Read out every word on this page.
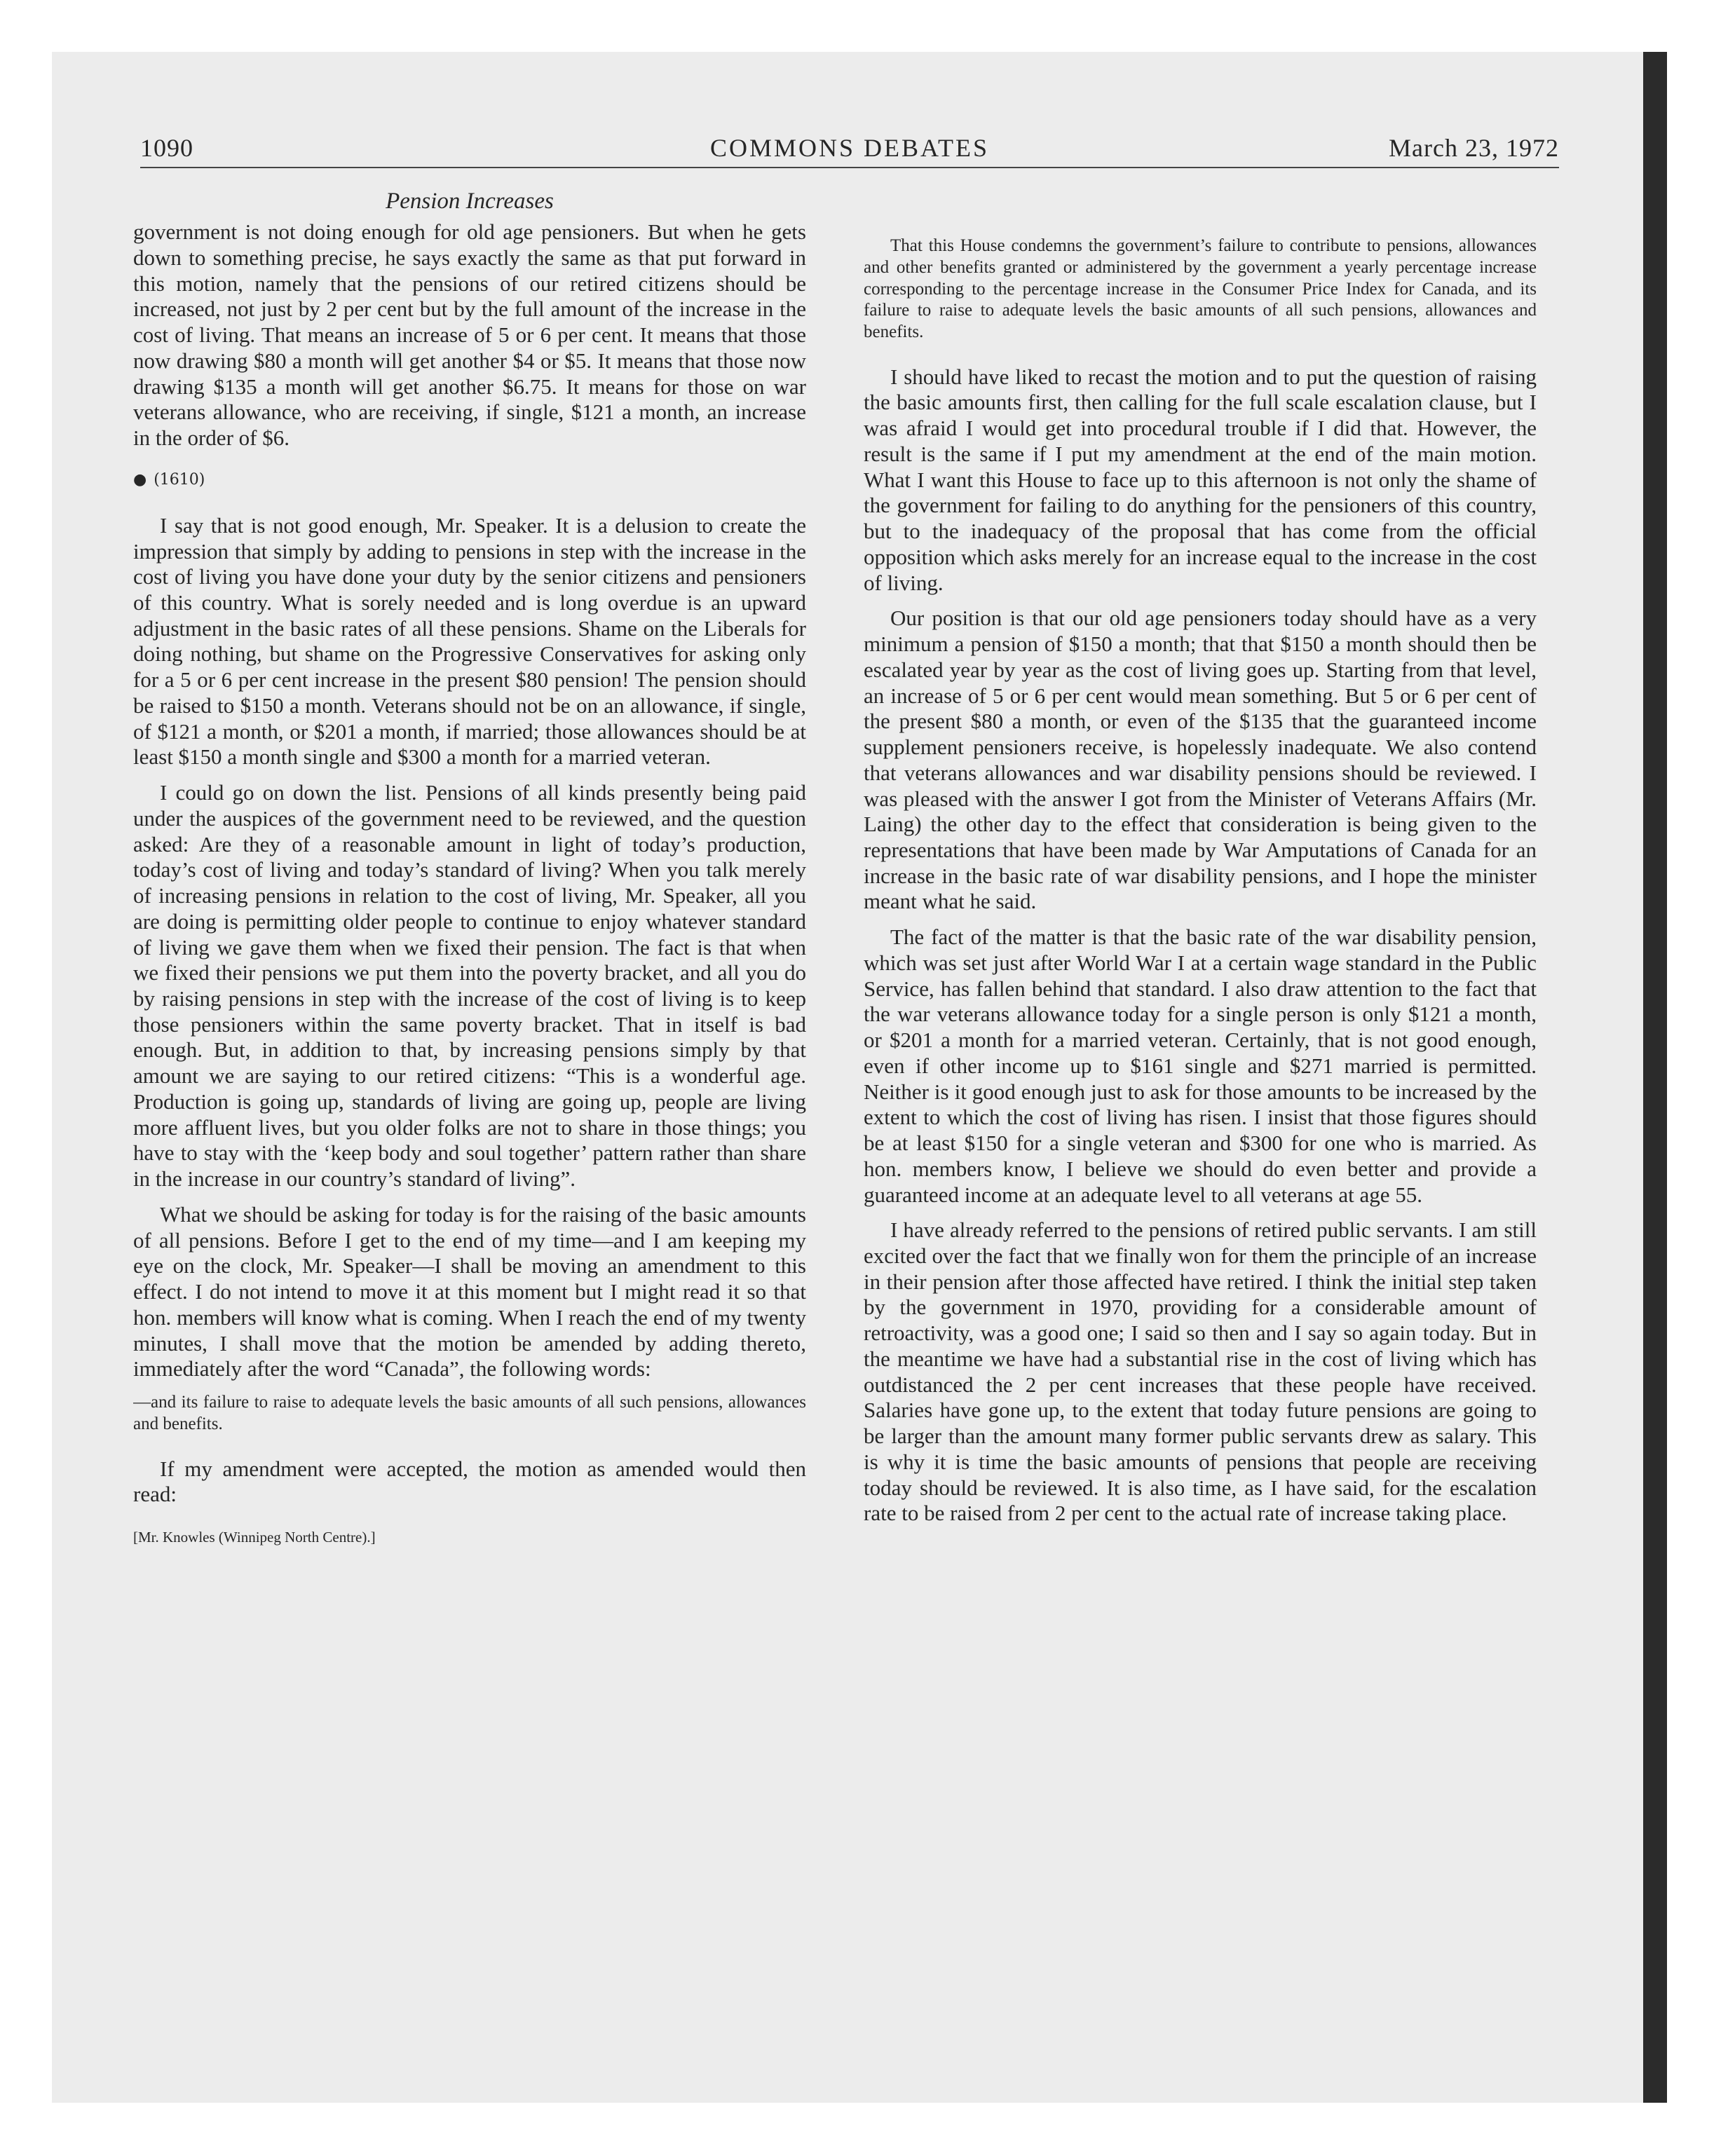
1090	COMMONS DEBATES	March 23, 1972
Pension Increases

government is not doing enough for old age pensioners. But when he gets down to something precise, he says exactly the same as that put forward in this motion, namely that the pensions of our retired citizens should be increased, not just by 2 per cent but by the full amount of the increase in the cost of living. That means an increase of 5 or 6 per cent. It means that those now drawing $80 a month will get another $4 or $5. It means that those now drawing $135 a month will get another $6.75. It means for those on war veterans allowance, who are receiving, if single, $121 a month, an increase in the order of $6.

● (1610)

I say that is not good enough, Mr. Speaker. It is a delusion to create the impression that simply by adding to pensions in step with the increase in the cost of living you have done your duty by the senior citizens and pensioners of this country. What is sorely needed and is long overdue is an upward adjustment in the basic rates of all these pensions. Shame on the Liberals for doing nothing, but shame on the Progressive Conservatives for asking only for a 5 or 6 per cent increase in the present $80 pension! The pension should be raised to $150 a month. Veterans should not be on an allowance, if single, of $121 a month, or $201 a month, if married; those allowances should be at least $150 a month single and $300 a month for a married veteran.

I could go on down the list. Pensions of all kinds presently being paid under the auspices of the government need to be reviewed, and the question asked: Are they of a reasonable amount in light of today’s production, today’s cost of living and today’s standard of living? When you talk merely of increasing pensions in relation to the cost of living, Mr. Speaker, all you are doing is permitting older people to continue to enjoy whatever standard of living we gave them when we fixed their pension. The fact is that when we fixed their pensions we put them into the poverty bracket, and all you do by raising pensions in step with the increase of the cost of living is to keep those pensioners within the same poverty bracket. That in itself is bad enough. But, in addition to that, by increasing pensions simply by that amount we are saying to our retired citizens: “This is a wonderful age. Production is going up, standards of living are going up, people are living more affluent lives, but you older folks are not to share in those things; you have to stay with the ‘keep body and soul together’ pattern rather than share in the increase in our country’s standard of living”.

What we should be asking for today is for the raising of the basic amounts of all pensions. Before I get to the end of my time—and I am keeping my eye on the clock, Mr. Speaker—I shall be moving an amendment to this effect. I do not intend to move it at this moment but I might read it so that hon. members will know what is coming. When I reach the end of my twenty minutes, I shall move that the motion be amended by adding thereto, immediately after the word “Canada”, the following words:

—and its failure to raise to adequate levels the basic amounts of all such pensions, allowances and benefits.

If my amendment were accepted, the motion as amended would then read:

[Mr. Knowles (Winnipeg North Centre).]
That this House condemns the government’s failure to contribute to pensions, allowances and other benefits granted or administered by the government a yearly percentage increase corresponding to the percentage increase in the Consumer Price Index for Canada, and its failure to raise to adequate levels the basic amounts of all such pensions, allowances and benefits.

I should have liked to recast the motion and to put the question of raising the basic amounts first, then calling for the full scale escalation clause, but I was afraid I would get into procedural trouble if I did that. However, the result is the same if I put my amendment at the end of the main motion. What I want this House to face up to this afternoon is not only the shame of the government for failing to do anything for the pensioners of this country, but to the inadequacy of the proposal that has come from the official opposition which asks merely for an increase equal to the increase in the cost of living.

Our position is that our old age pensioners today should have as a very minimum a pension of $150 a month; that that $150 a month should then be escalated year by year as the cost of living goes up. Starting from that level, an increase of 5 or 6 per cent would mean something. But 5 or 6 per cent of the present $80 a month, or even of the $135 that the guaranteed income supplement pensioners receive, is hopelessly inadequate. We also contend that veterans allowances and war disability pensions should be reviewed. I was pleased with the answer I got from the Minister of Veterans Affairs (Mr. Laing) the other day to the effect that consideration is being given to the representations that have been made by War Amputations of Canada for an increase in the basic rate of war disability pensions, and I hope the minister meant what he said.

The fact of the matter is that the basic rate of the war disability pension, which was set just after World War I at a certain wage standard in the Public Service, has fallen behind that standard. I also draw attention to the fact that the war veterans allowance today for a single person is only $121 a month, or $201 a month for a married veteran. Certainly, that is not good enough, even if other income up to $161 single and $271 married is permitted. Neither is it good enough just to ask for those amounts to be increased by the extent to which the cost of living has risen. I insist that those figures should be at least $150 for a single veteran and $300 for one who is married. As hon. members know, I believe we should do even better and provide a guaranteed income at an adequate level to all veterans at age 55.

I have already referred to the pensions of retired public servants. I am still excited over the fact that we finally won for them the principle of an increase in their pension after those affected have retired. I think the initial step taken by the government in 1970, providing for a considerable amount of retroactivity, was a good one; I said so then and I say so again today. But in the meantime we have had a substantial rise in the cost of living which has outdistanced the 2 per cent increases that these people have received. Salaries have gone up, to the extent that today future pensions are going to be larger than the amount many former public servants drew as salary. This is why it is time the basic amounts of pensions that people are receiving today should be reviewed. It is also time, as I have said, for the escalation rate to be raised from 2 per cent to the actual rate of increase taking place.
